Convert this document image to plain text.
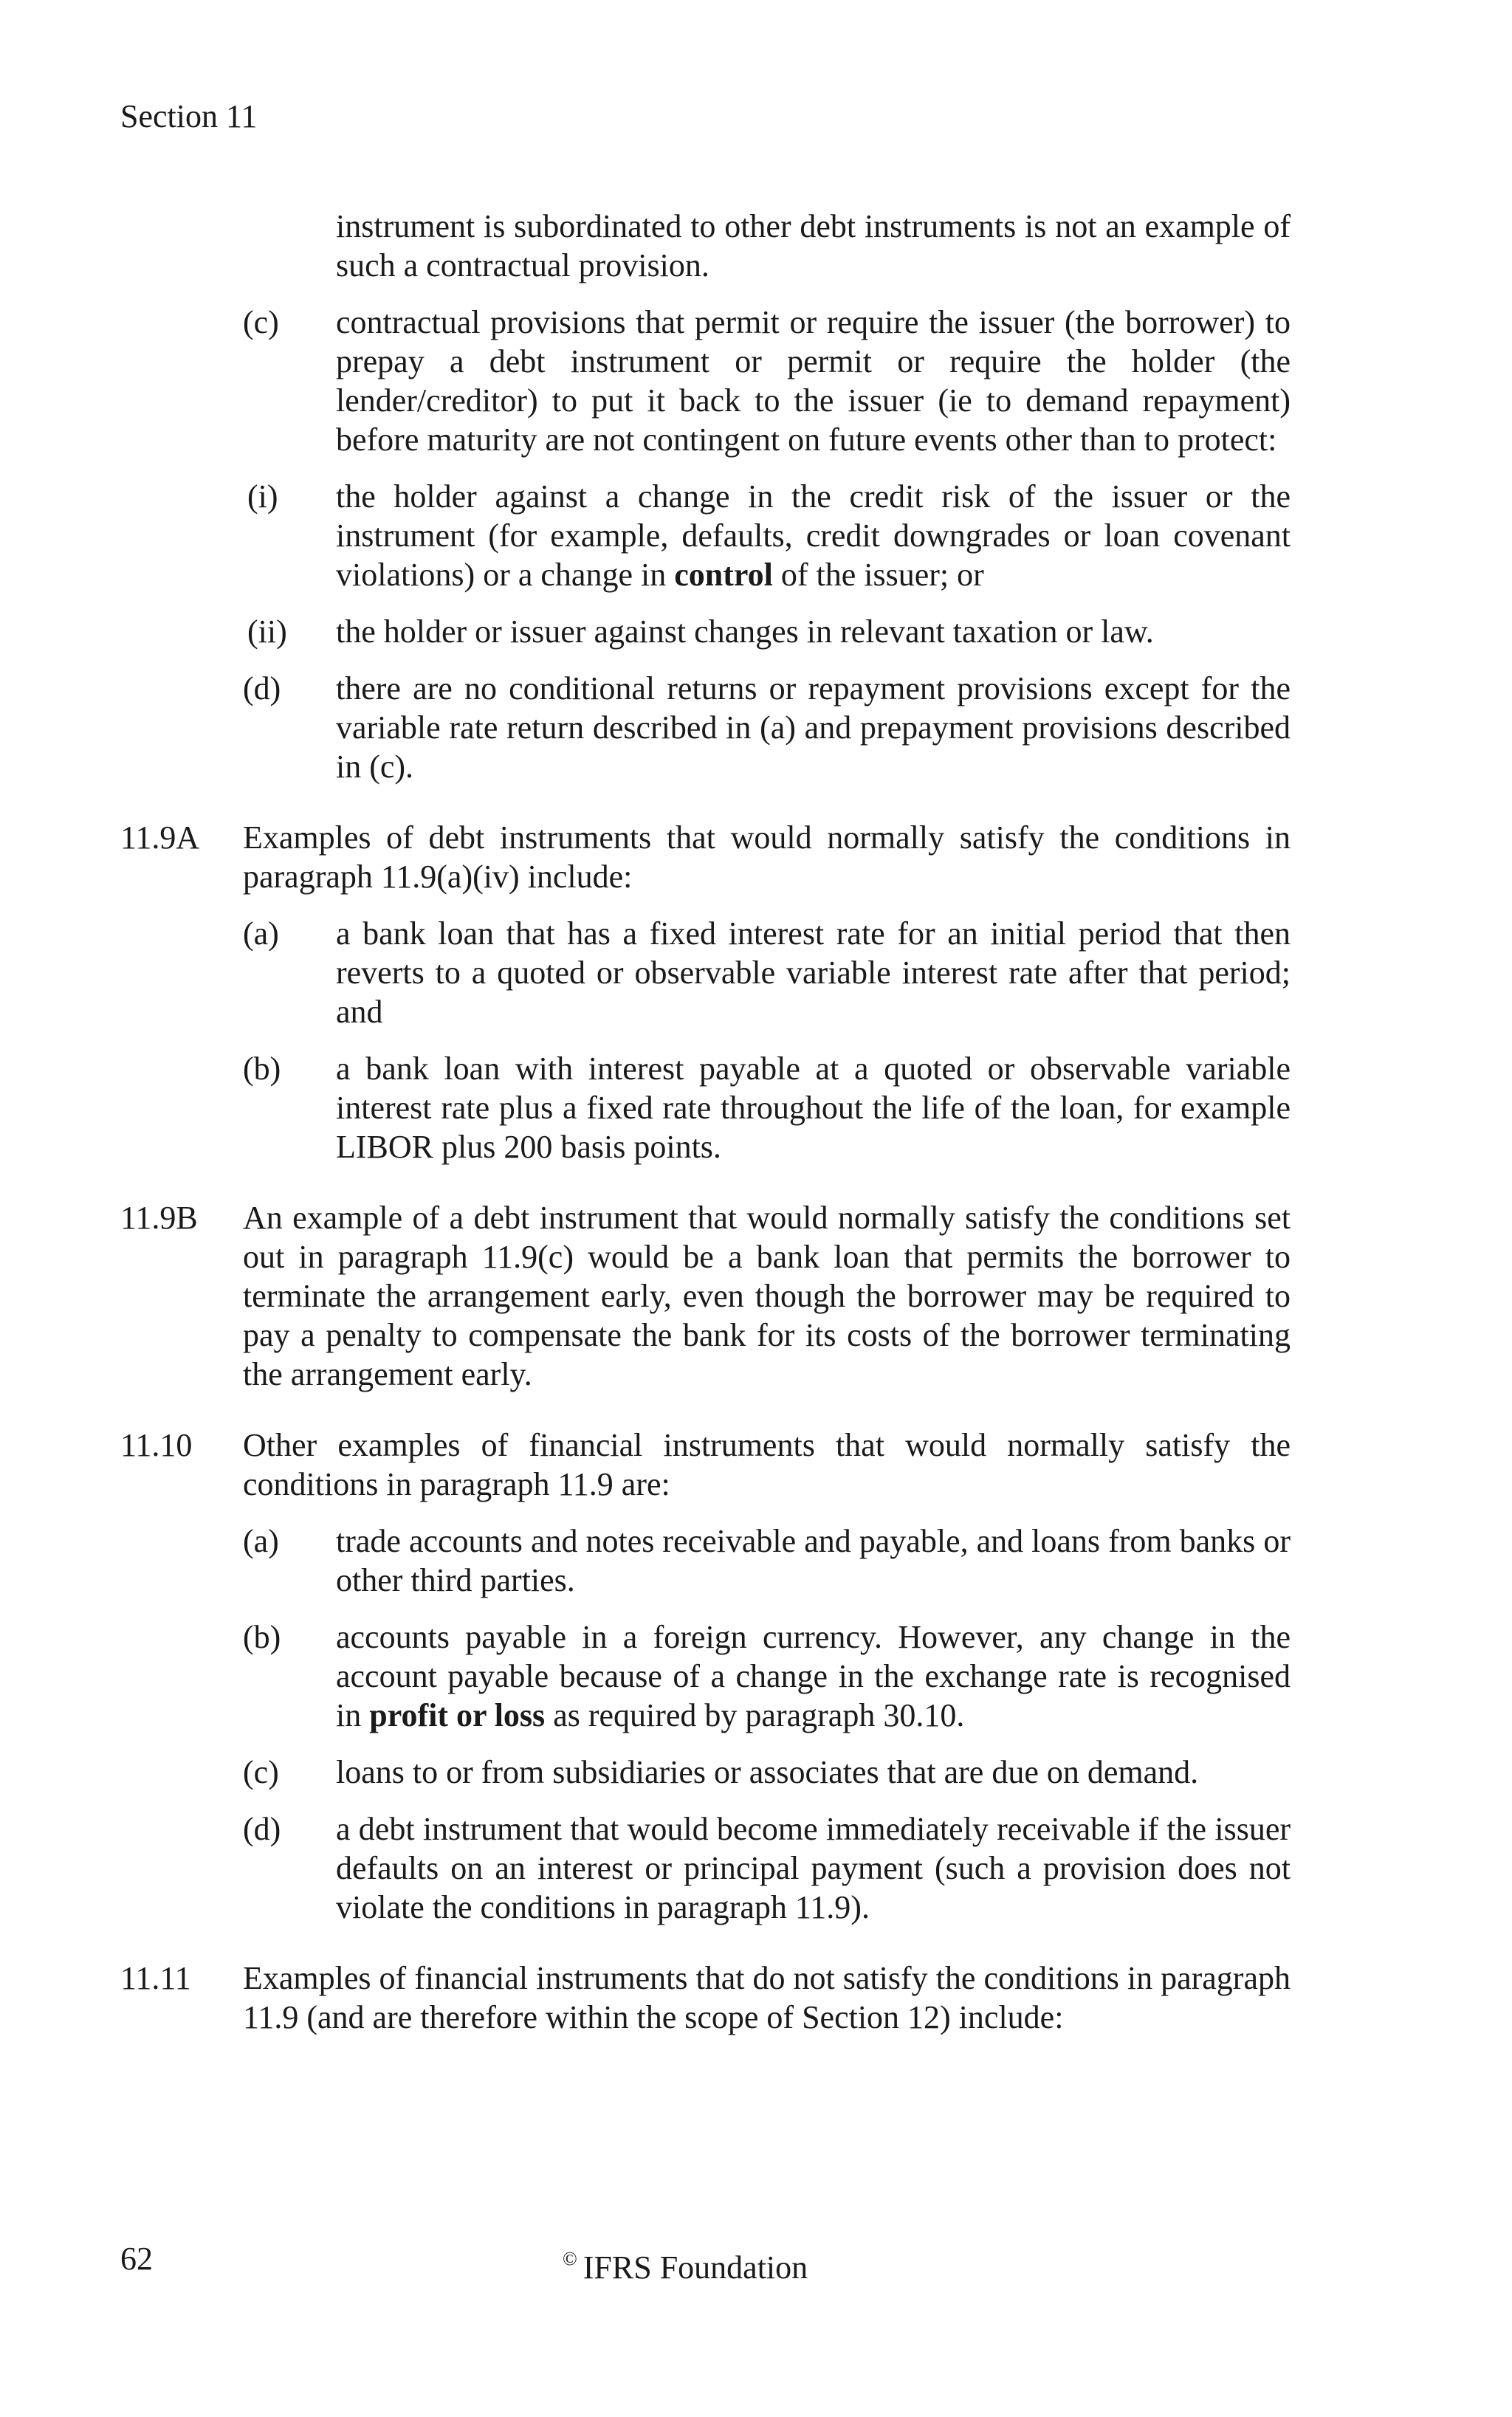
Section 11
instrument is subordinated to other debt instruments is not an example of such a contractual provision.
(c)	contractual provisions that permit or require the issuer (the borrower) to prepay a debt instrument or permit or require the holder (the lender/creditor) to put it back to the issuer (ie to demand repayment) before maturity are not contingent on future events other than to protect:
(i)	the holder against a change in the credit risk of the issuer or the instrument (for example, defaults, credit downgrades or loan covenant violations) or a change in control of the issuer; or
(ii)	the holder or issuer against changes in relevant taxation or law.
(d)	there are no conditional returns or repayment provisions except for the variable rate return described in (a) and prepayment provisions described in (c).
11.9A Examples of debt instruments that would normally satisfy the conditions in paragraph 11.9(a)(iv) include:
(a)	a bank loan that has a fixed interest rate for an initial period that then reverts to a quoted or observable variable interest rate after that period; and
(b)	a bank loan with interest payable at a quoted or observable variable interest rate plus a fixed rate throughout the life of the loan, for example LIBOR plus 200 basis points.
11.9B An example of a debt instrument that would normally satisfy the conditions set out in paragraph 11.9(c) would be a bank loan that permits the borrower to terminate the arrangement early, even though the borrower may be required to pay a penalty to compensate the bank for its costs of the borrower terminating the arrangement early.
11.10 Other examples of financial instruments that would normally satisfy the conditions in paragraph 11.9 are:
(a)	trade accounts and notes receivable and payable, and loans from banks or other third parties.
(b)	accounts payable in a foreign currency. However, any change in the account payable because of a change in the exchange rate is recognised in profit or loss as required by paragraph 30.10.
(c)	loans to or from subsidiaries or associates that are due on demand.
(d)	a debt instrument that would become immediately receivable if the issuer defaults on an interest or principal payment (such a provision does not violate the conditions in paragraph 11.9).
11.11 Examples of financial instruments that do not satisfy the conditions in paragraph 11.9 (and are therefore within the scope of Section 12) include:
62	© IFRS Foundation
